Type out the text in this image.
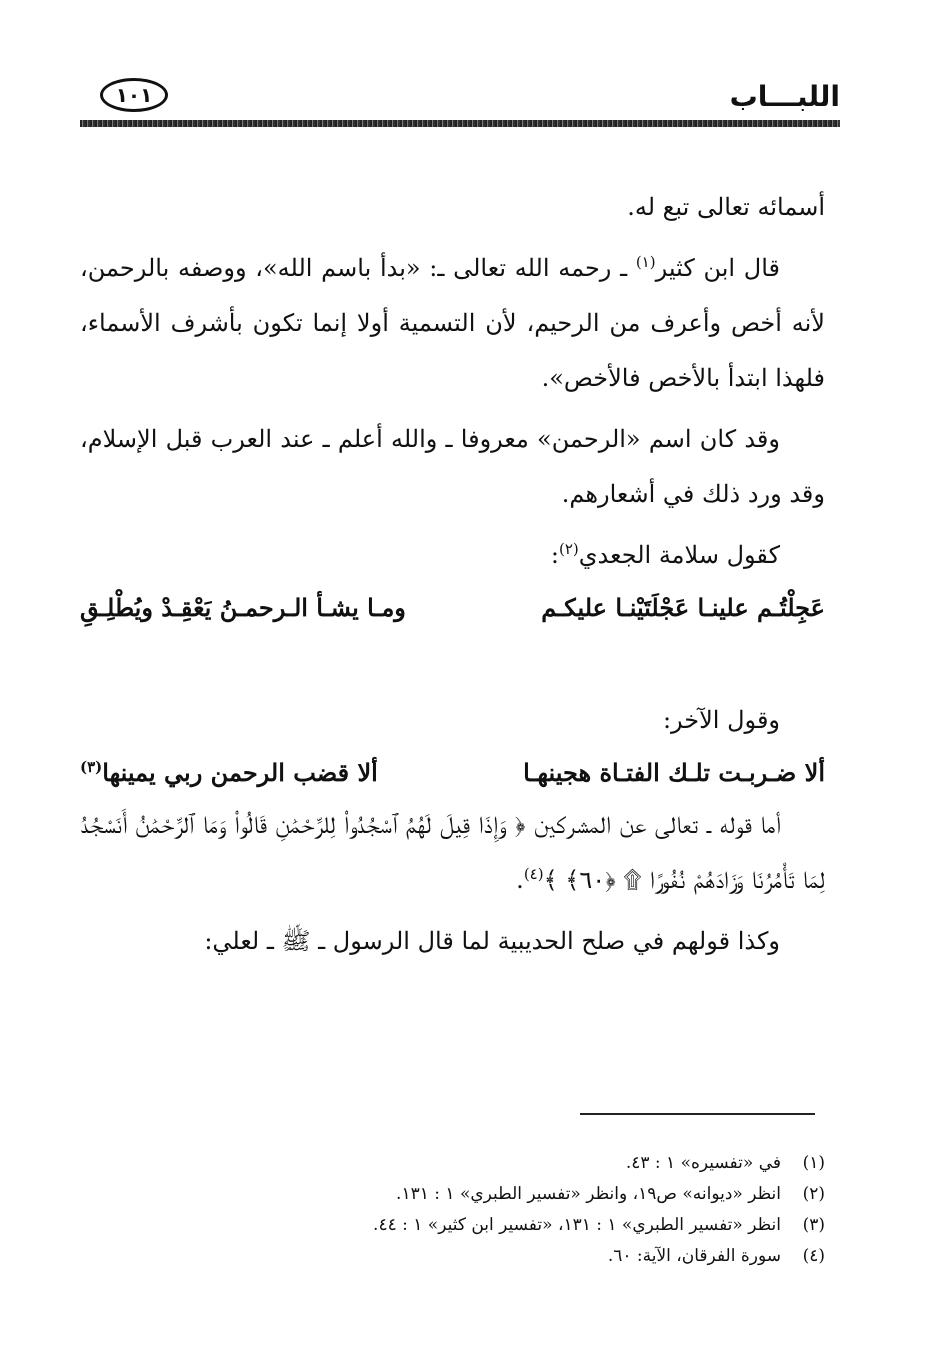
اللبـــاب
١٠١

أسمائه تعالى تبع له.

قال ابن كثير$^{(١)}$ ـ رحمه الله تعالى ـ: «بدأ باسم الله»، ووصفه بالرحمن، لأنه أخص وأعرف من الرحيم، لأن التسمية أولا إنما تكون بأشرف الأسماء، فلهذا ابتدأ بالأخص فالأخص».

وقد كان اسم «الرحمن» معروفا ـ والله أعلم ـ عند العرب قبل الإسلام، وقد ورد ذلك في أشعارهم.

كقول سلامة الجعدي$^{(٢)}$:

عَجِلْتُـم علينـا عَجْلَتَيْنـا عليكـم
ومـا يشـأ الـرحمـنُ يَعْقِـدْ ويُطْلِـقِ

وقول الآخر:

ألا ضـربـت تلـك الفتـاة هجينهـا
ألا قضب الرحمن ربي يمينها$^{(٣)}$

أما قوله ـ تعالى عن المشركين ﴿ وَإِذَا قِيلَ لَهُمُ ٱسْجُدُوا۟ لِلرَّحْمَٰنِ قَالُوا۟ وَمَا ٱلرَّحْمَٰنُ أَنَسْجُدُ لِمَا تَأْمُرُنَا وَزَادَهُمْ نُفُورًا ۩ ﴿٦٠﴾ ﴾$^{(٤)}$.

وكذا قولهم في صلح الحديبية لما قال الرسول ـ ﷺ ـ لعلي:

(١)
في «تفسيره» ١ : ٤٣.

(٢)
انظر «ديوانه» ص١٩، وانظر «تفسير الطبري» ١ : ١٣١.

(٣)
انظر «تفسير الطبري» ١ : ١٣١، «تفسير ابن كثير» ١ : ٤٤.

(٤)
سورة الفرقان، الآية: ٦٠.
